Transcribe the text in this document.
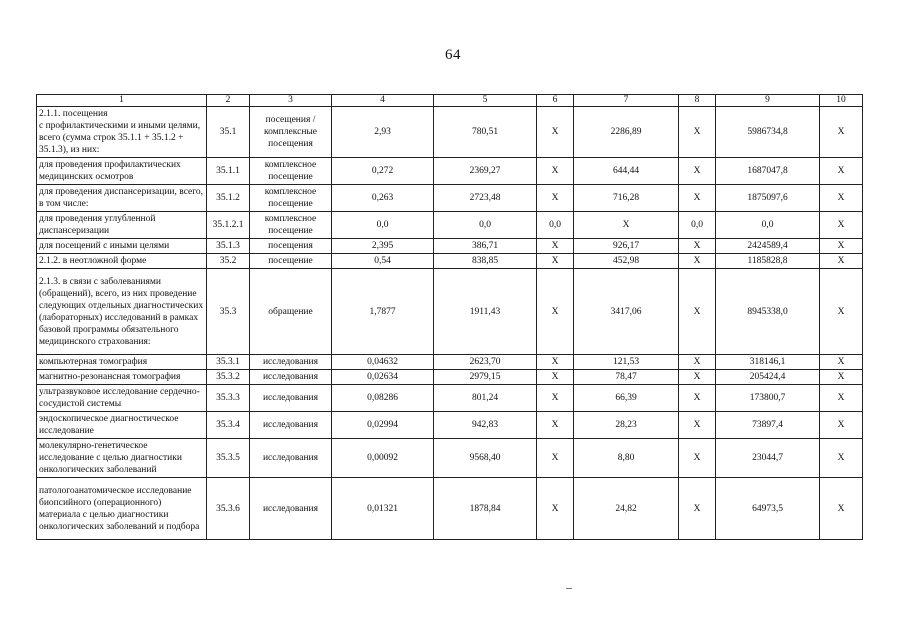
64
1	2	3	4	5	6	7	8	9	10
2.1.1. посещения
с профилактическими и иными целями, всего (сумма строк 35.1.1 + 35.1.2 + 35.1.3), из них:	35.1	посещения / комплексные посещения	2,93	780,51	X	2286,89	X	5986734,8	X
для проведения профилактических медицинских осмотров	35.1.1	комплексное посещение	0,272	2369,27	X	644,44	X	1687047,8	X
для проведения диспансеризации, всего, в том числе:	35.1.2	комплексное посещение	0,263	2723,48	X	716,28	X	1875097,6	X
для проведения углубленной диспансеризации	35.1.2.1	комплексное посещение	0,0	0,0	0,0	X	0,0	0,0	X
для посещений с иными целями	35.1.3	посещения	2,395	386,71	X	926,17	X	2424589,4	X
2.1.2. в неотложной форме	35.2	посещение	0,54	838,85	X	452,98	X	1185828,8	X
2.1.3. в связи с заболеваниями (обращений), всего, из них проведение следующих отдельных диагностических (лабораторных) исследований в рамках базовой программы обязательного медицинского страхования:	35.3	обращение	1,7877	1911,43	X	3417,06	X	8945338,0	X
компьютерная томография	35.3.1	исследования	0,04632	2623,70	X	121,53	X	318146,1	X
магнитно-резонансная томография	35.3.2	исследования	0,02634	2979,15	X	78,47	X	205424,4	X
ультразвуковое исследование сердечно-сосудистой системы	35.3.3	исследования	0,08286	801,24	X	66,39	X	173800,7	X
эндоскопическое диагностическое исследование	35.3.4	исследования	0,02994	942,83	X	28,23	X	73897,4	X
молекулярно-генетическое исследование с целью диагностики онкологических заболеваний	35.3.5	исследования	0,00092	9568,40	X	8,80	X	23044,7	X
патологоанатомическое исследование биопсийного (операционного) материала с целью диагностики онкологических заболеваний и подбора	35.3.6	исследования	0,01321	1878,84	X	24,82	X	64973,5	X
